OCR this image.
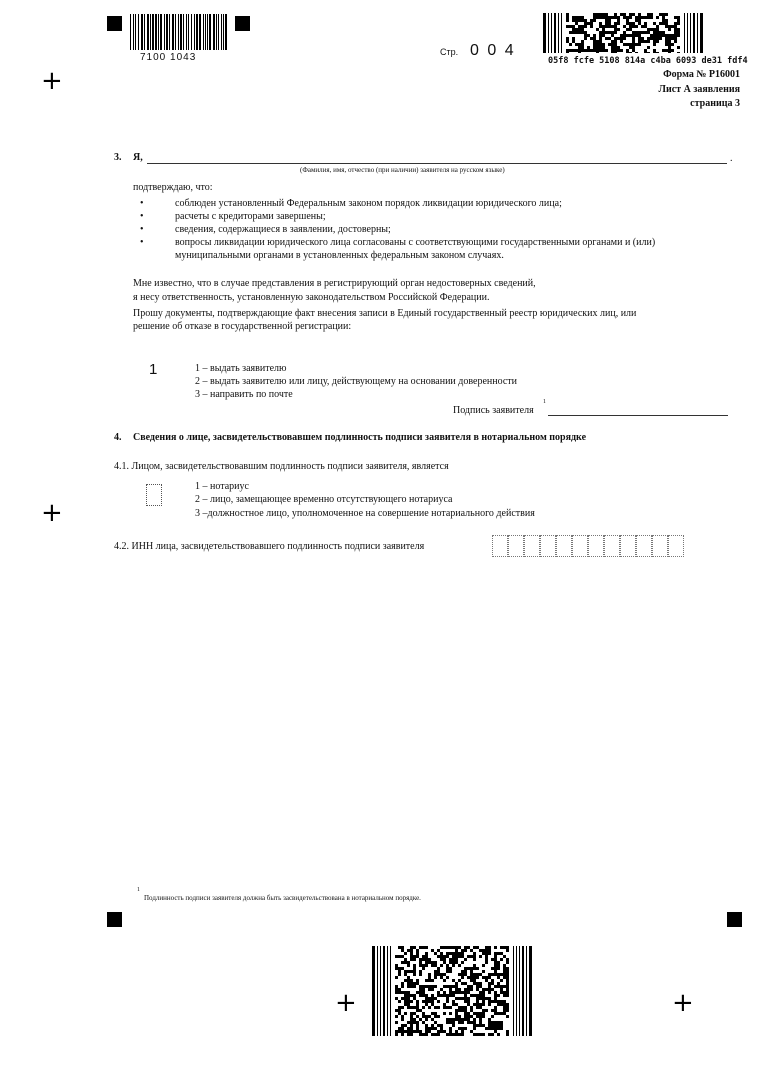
+
+
+	+
7100 1043	Стр. 0 0 4
05f8 fcfe 5108 814a c4ba 6093 de31 fdf4
Форма № Р16001
Лист А заявления
страница 3
3. Я,	.
(Фамилия, имя, отчество (при наличии) заявителя на русском языке)
подтверждаю, что:
• соблюден установленный Федеральным законом порядок ликвидации юридического лица;
• расчеты с кредиторами завершены;
• сведения, содержащиеся в заявлении, достоверны;
• вопросы ликвидации юридического лица согласованы с соответствующими государственными органами и (или) муниципальными органами в установленных федеральным законом случаях.
Мне известно, что в случае представления в регистрирующий орган недостоверных сведений,
я несу ответственность, установленную законодательством Российской Федерации.
Прошу документы, подтверждающие факт внесения записи в Единый государственный реестр юридических лиц, или
решение об отказе в государственной регистрации:
1	1 – выдать заявителю
2 – выдать заявителю или лицу, действующему на основании доверенности
3 – направить по почте
Подпись заявителя
1
4. Сведения о лице, засвидетельствовавшем подлинность подписи заявителя в нотариальном порядке
4.1. Лицом, засвидетельствовавшим подлинность подписи заявителя, является
1 – нотариус
2 – лицо, замещающее временно отсутствующего нотариуса
3 –должностное лицо, уполномоченное на совершение нотариального действия
4.2. ИНН лица, засвидетельствовавшего подлинность подписи заявителя
1
Подлинность подписи заявителя должна быть засвидетельствована в нотариальном порядке.
